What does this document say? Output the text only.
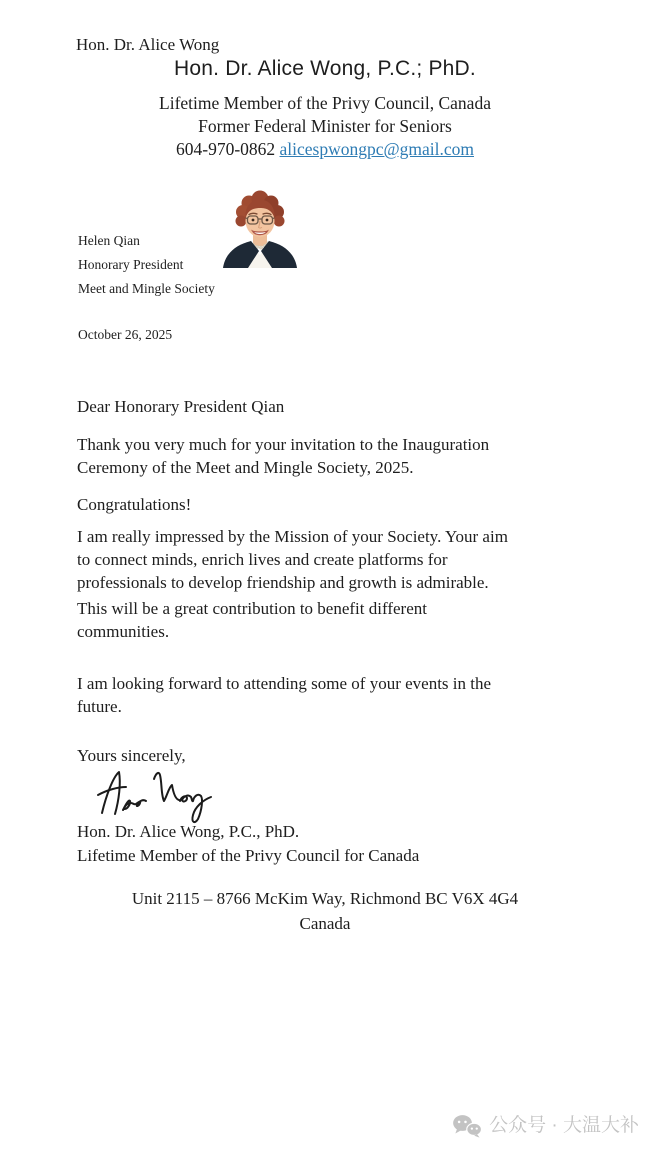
Hon. Dr. Alice Wong

Hon. Dr. Alice Wong, P.C.; PhD.

Lifetime Member of the Privy Council, Canada

Former Federal Minister for Seniors

604-970-0862 alicespwongpc@gmail.com

Helen Qian

Honorary President

Meet and Mingle Society

October 26, 2025

Dear Honorary President Qian

Thank you very much for your invitation to the Inauguration
Ceremony of the Meet and Mingle Society, 2025.

Congratulations!

I am really impressed by the Mission of your Society. Your aim
to connect minds, enrich lives and create platforms for
professionals to develop friendship and growth is admirable.

This will be a great contribution to benefit different
communities.

I am looking forward to attending some of your events in the
future.

Yours sincerely,

Hon. Dr. Alice Wong, P.C., PhD.

Lifetime Member of the Privy Council for Canada

Unit 2115 – 8766 McKim Way, Richmond BC V6X 4G4

Canada

公众号 · 大温大补
